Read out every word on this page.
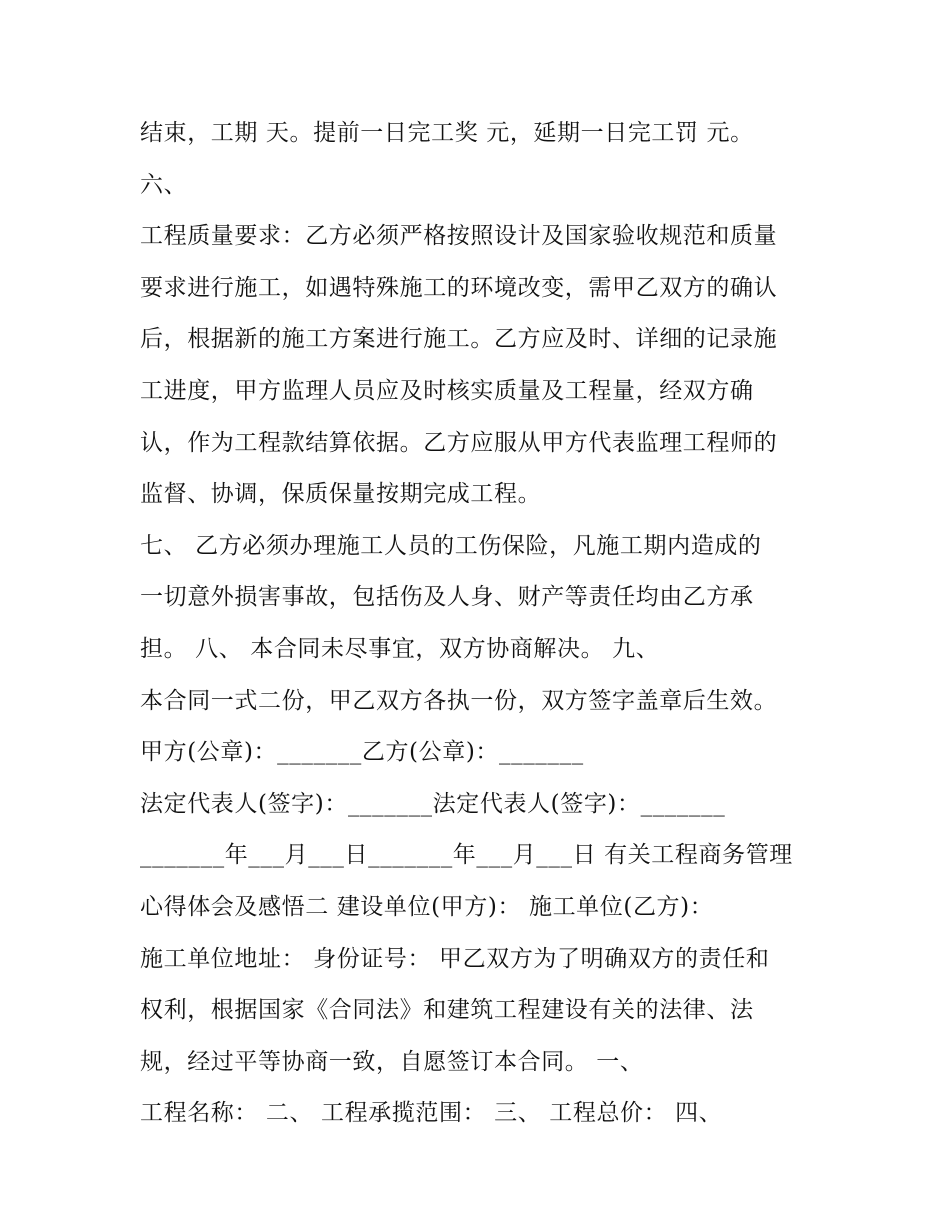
结束，工期 天。提前一日完工奖 元，延期一日完工罚 元。
六、
工程质量要求：乙方必须严格按照设计及国家验收规范和质量
要求进行施工，如遇特殊施工的环境改变，需甲乙双方的确认
后，根据新的施工方案进行施工。乙方应及时、详细的记录施
工进度，甲方监理人员应及时核实质量及工程量，经双方确
认，作为工程款结算依据。乙方应服从甲方代表监理工程师的
监督、协调，保质保量按期完成工程。
七、 乙方必须办理施工人员的工伤保险，凡施工期内造成的
一切意外损害事故，包括伤及人身、财产等责任均由乙方承
担。 八、 本合同未尽事宜，双方协商解决。 九、
本合同一式二份，甲乙双方各执一份，双方签字盖章后生效。
甲方(公章)：_______乙方(公章)：_______
法定代表人(签字)：_______法定代表人(签字)：_______
_______年___月___日_______年___月___日 有关工程商务管理
心得体会及感悟二 建设单位(甲方)： 施工单位(乙方)：
施工单位地址： 身份证号： 甲乙双方为了明确双方的责任和
权利，根据国家《合同法》和建筑工程建设有关的法律、法
规，经过平等协商一致，自愿签订本合同。 一、
工程名称： 二、 工程承揽范围： 三、 工程总价： 四、
